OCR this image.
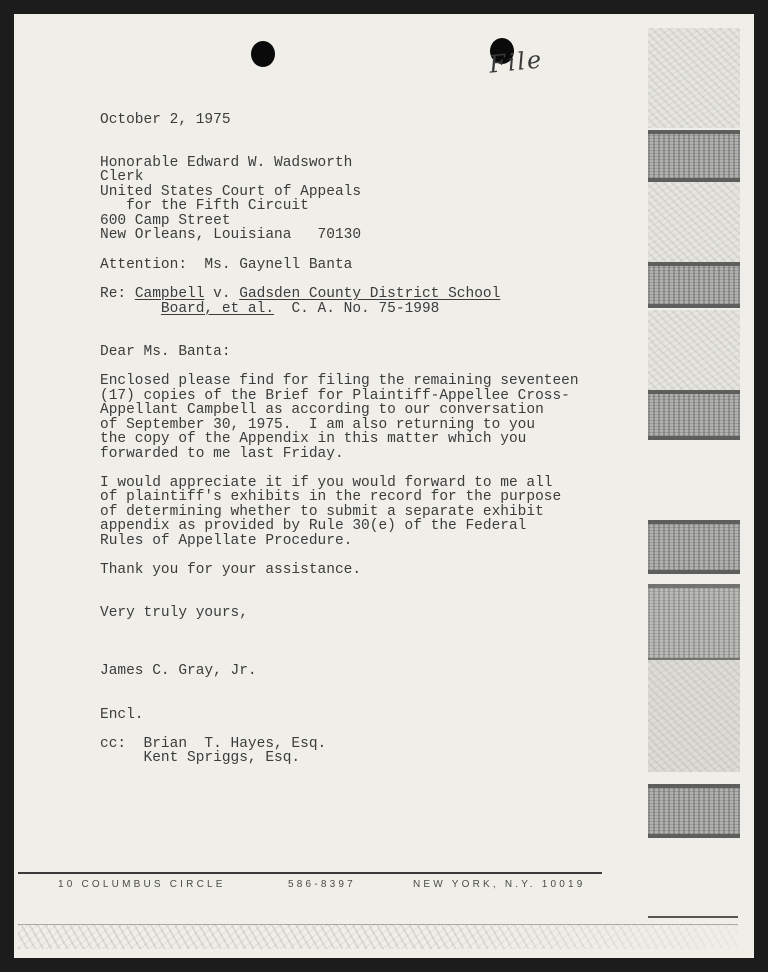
File

October 2, 1975

Honorable Edward W. Wadsworth

Clerk

United States Court of Appeals

for the Fifth Circuit

600 Camp Street

New Orleans, Louisiana   70130

Attention:  Ms. Gaynell Banta

Re: Campbell v. Gadsden County District School

Board, et al.  C. A. No. 75-1998

Dear Ms. Banta:

Enclosed please find for filing the remaining seventeen

(17) copies of the Brief for Plaintiff-Appellee Cross-

Appellant Campbell as according to our conversation

of September 30, 1975.  I am also returning to you

the copy of the Appendix in this matter which you

forwarded to me last Friday.

I would appreciate it if you would forward to me all

of plaintiff's exhibits in the record for the purpose

of determining whether to submit a separate exhibit

appendix as provided by Rule 30(e) of the Federal

Rules of Appellate Procedure.

Thank you for your assistance.

Very truly yours,

James C. Gray, Jr.

Encl.

cc:  Brian  T. Hayes, Esq.

Kent Spriggs, Esq.

10 COLUMBUS CIRCLE	586-8397	NEW YORK, N.Y. 10019
